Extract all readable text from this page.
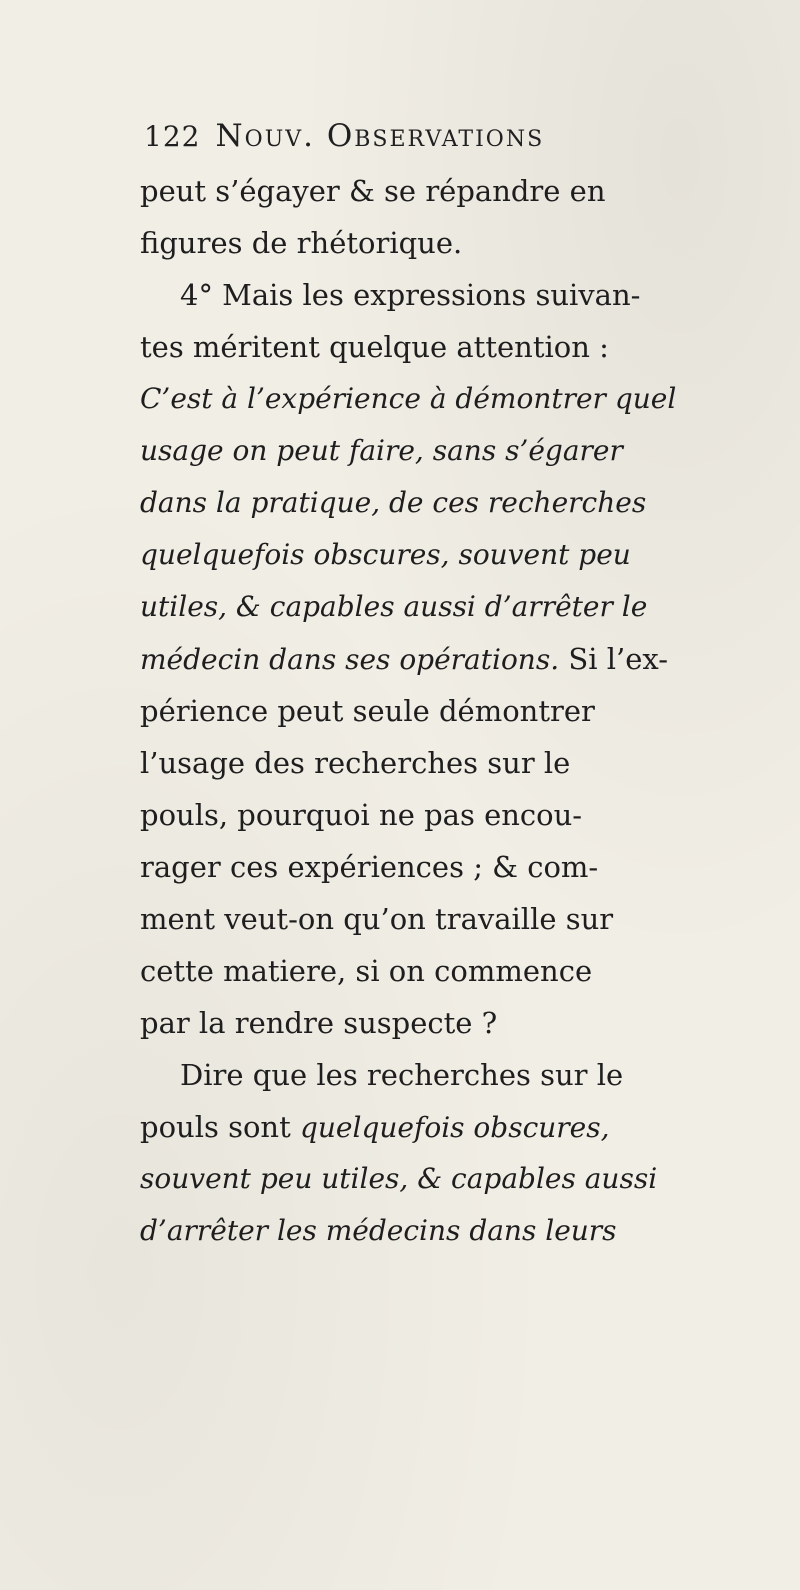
122 Nouv. Observations
peut s’égayer & se répandre en
figures de rhétorique.
4° Mais les expressions suivan-
tes méritent quelque attention :
C’est à l’expérience à démontrer quel
usage on peut faire, sans s’égarer
dans la pratique, de ces recherches
quelquefois obscures, souvent peu
utiles, & capables aussi d’arrêter le
médecin dans ses opérations. Si l’ex-
périence peut seule démontrer
l’usage des recherches sur le
pouls, pourquoi ne pas encou-
rager ces expériences ; & com-
ment veut-on qu’on travaille sur
cette matiere, si on commence
par la rendre suspecte ?
Dire que les recherches sur le
pouls sont quelquefois obscures,
souvent peu utiles, & capables aussi
d’arrêter les médecins dans leurs
